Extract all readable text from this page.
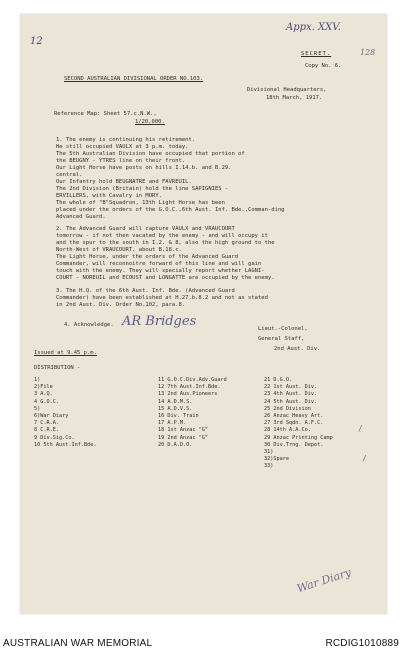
12
Appx. XXV.
128
SECRET.
Copy No. 6.
SECOND AUSTRALIAN DIVISIONAL ORDER NO.103.
Divisional Headquarters,
18th March, 1917.
Reference Map: Sheet 57.c.N.W.,
1/20,000.
1. The enemy is continuing his retirement.
He still occupied VAULX at 3 p.m. today.
The 5th Australian Division have occupied that portion of
the BEUGNY - YTRES line on their front.
Our Light Horse have posts on hills I.14.b. and B.29.
central.
Our Infantry hold BEUGNATRE and FAVREUIL.
The 2nd Division (Britain) hold the line SAPIGNIES -
ERVILLERS, with Cavalry in MORY.
The whole of "B"Squadron, 13th Light Horse has been
placed under the orders of the G.O.C.,6th Aust. Inf. Bde.,Comman-ding
Advanced Guard.
2. The Advanced Guard will capture VAULX and VRAUCOURT
tomorrow - if not then vacated by the enemy - and will occupy it
and the spur to the south in I.2. & 8, also the high ground to the
North-West of VRAUCOURT, about B.18.c.
The Light Horse, under the orders of the Advanced Guard
Commander, will reconnoitre forward of this line and will gain
touch with the enemy. They will specially report whether LAGNI-
COURT - NOREUIL and ECOUST and LONGATTE are occupied by the enemy.
3. The H.Q. of the 6th Aust. Inf. Bde. (Advanced Guard
Commander) have been established at H.27.b.8.2 and not as stated
in 2nd Aust. Div. Order No.102, para.8.
4. Acknowledge. AR Bridges	Lieut.-Colonel,
General Staff,
2nd Aust. Div.
Issued at 9.45 p.m.
DISTRIBUTION -
1)
2)File
3 A.Q.
4 G.O.C.
5)
6)War Diary
7 C.R.A.
8 C.R.E.
9 Div.Sig.Co.
10 5th Aust.Inf.Bde.
11 G.O.C.Div.Adv.Guard
12 7th Aust.Inf.Bde.
13 2nd Aus.Pioneers
14 A.D.M.S.
15 A.D.V.S.
16 Div. Train
17 A.P.M.
18 1st Anzac "G"
19 2nd Anzac "G"
20 D.A.D.O.
21 D.G.O.
22 1st Aust. Div.
23 4th Aust. Div.
24 5th Aust. Div.
25 2nd Division
26 Anzac Heavy Art.
27 3rd Sqdn. A.F.C.
28 14th A.A.Co.
29 Anzac Printing Camp
30 Div.Trng. Depot.
31)
32)Spare
33)
/
/
War Diary
AUSTRALIAN WAR MEMORIAL	RCDIG1010889
